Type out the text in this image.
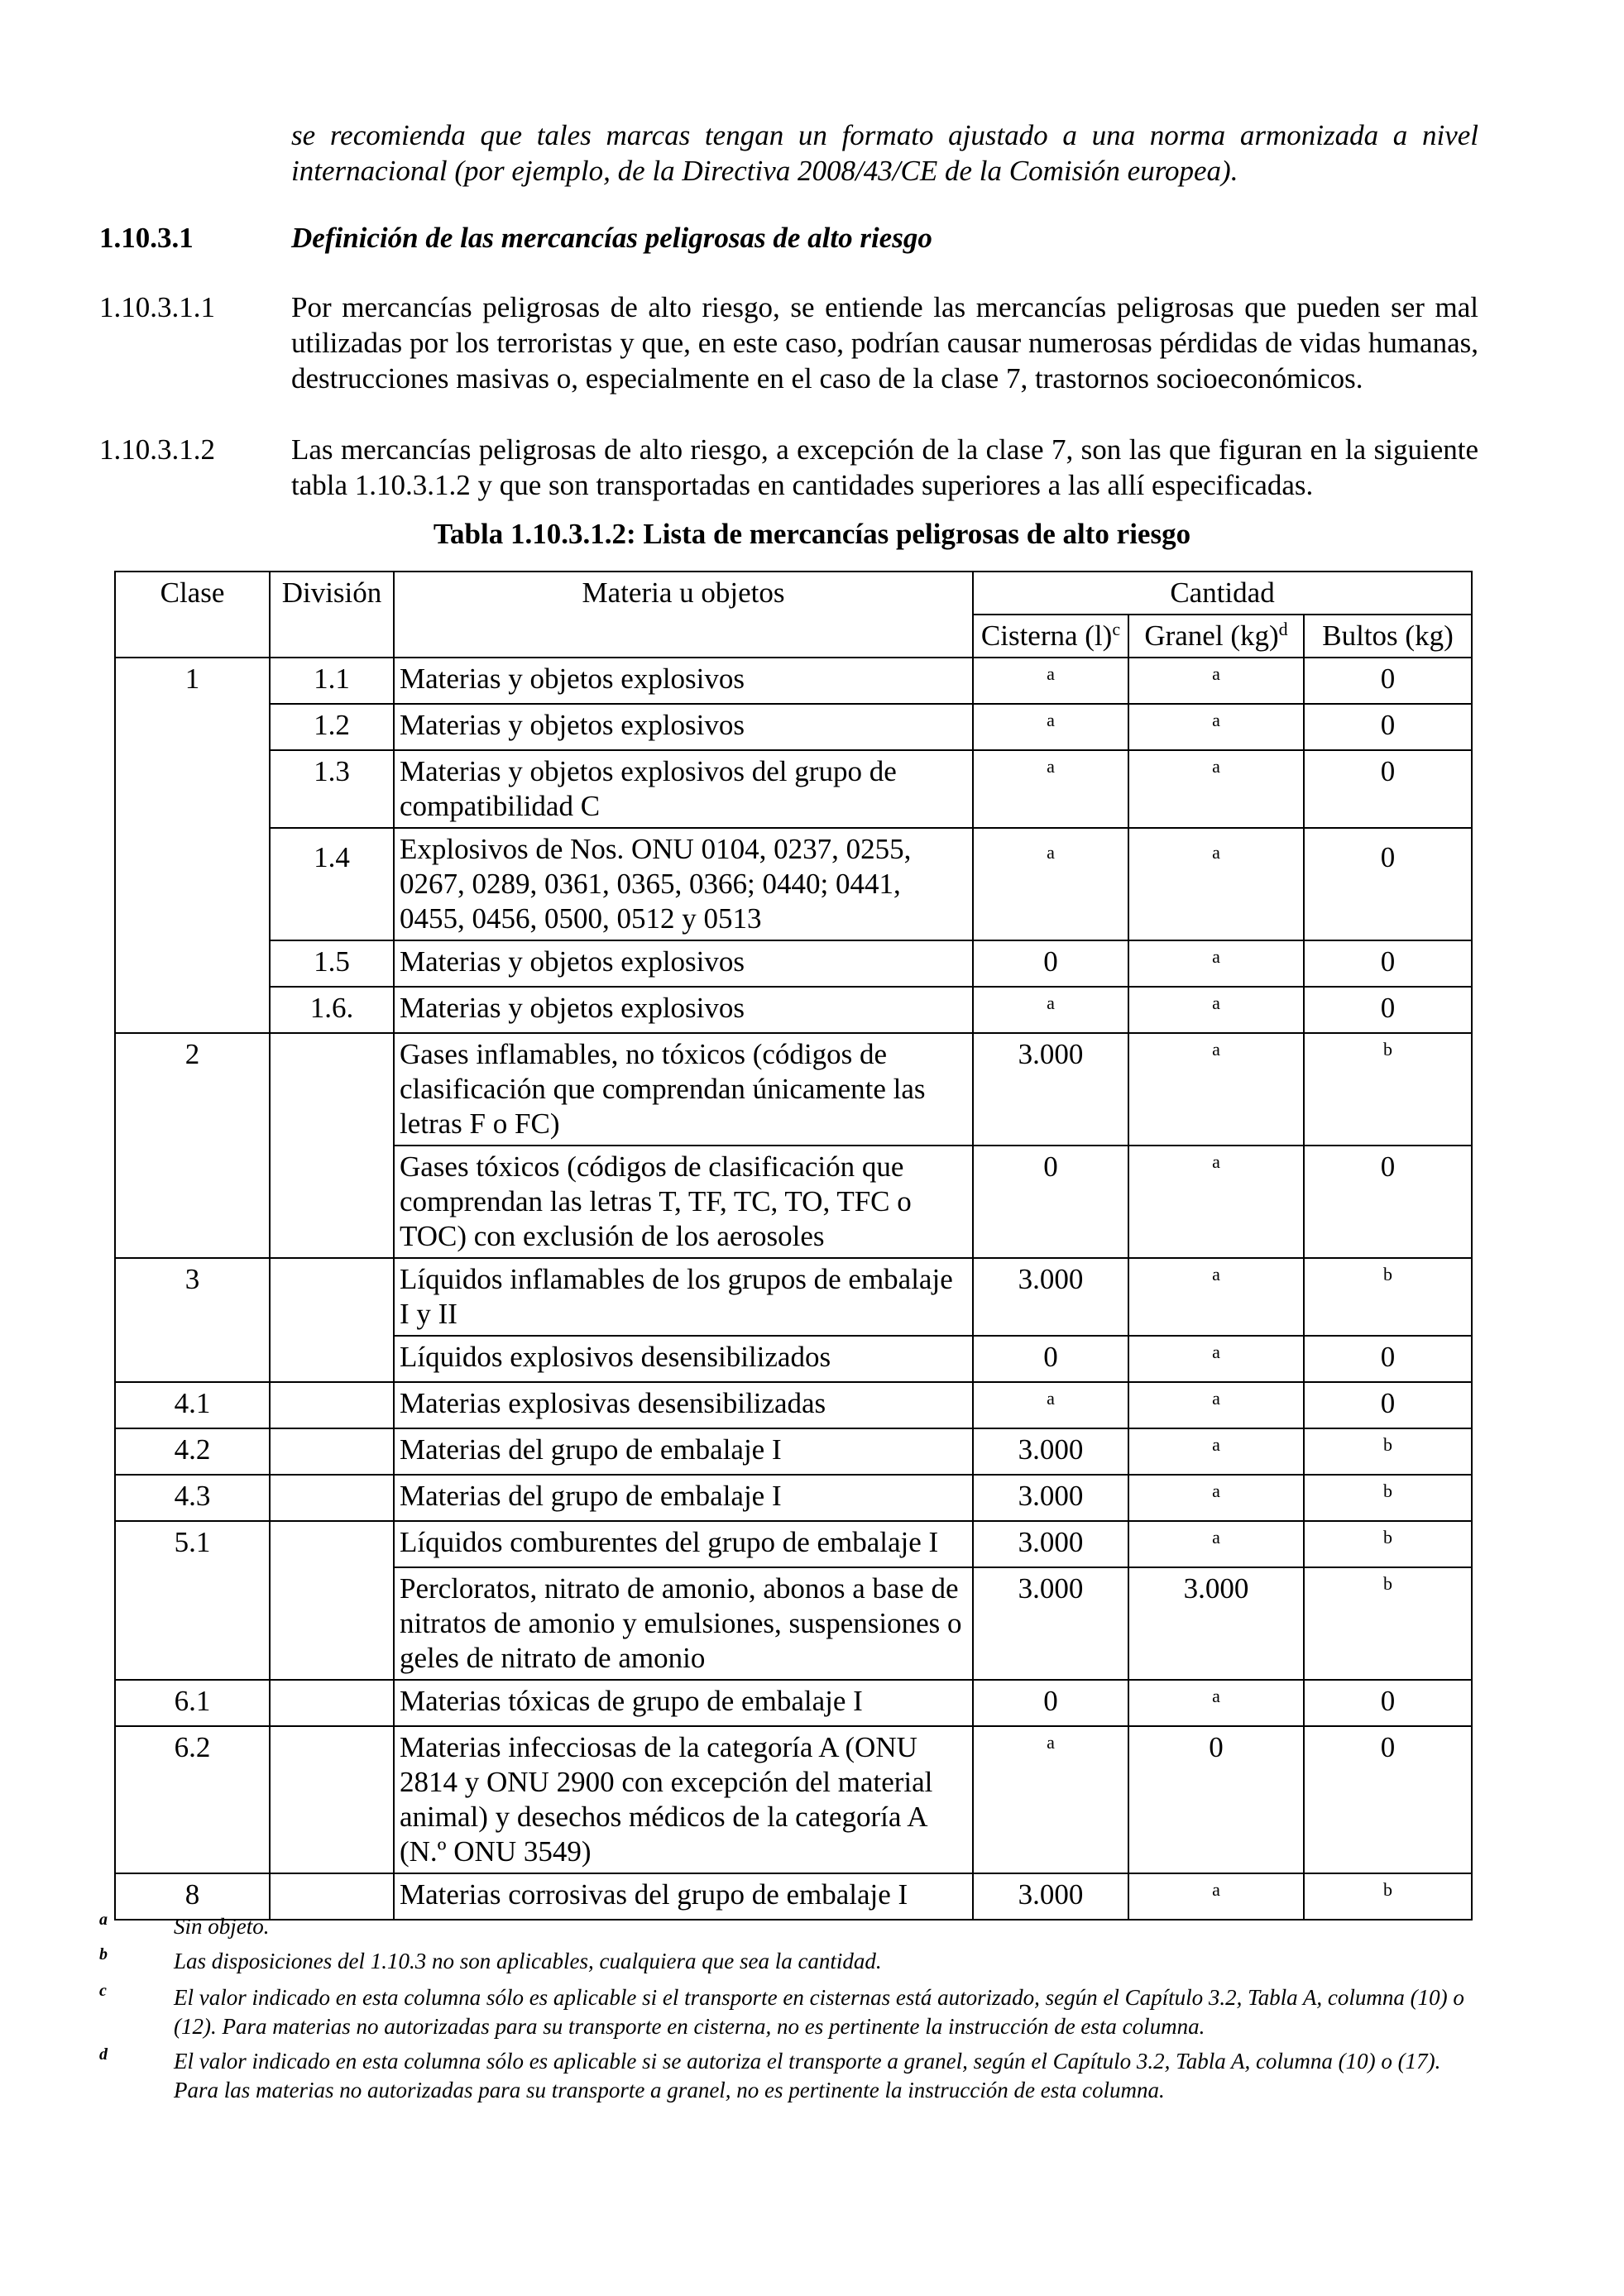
se recomienda que tales marcas tengan un formato ajustado a una norma armonizada a nivel internacional (por ejemplo, de la Directiva 2008/43/CE de la Comisión europea).
1.10.3.1	Definición de las mercancías peligrosas de alto riesgo
1.10.3.1.1	Por mercancías peligrosas de alto riesgo, se entiende las mercancías peligrosas que pueden ser mal utilizadas por los terroristas y que, en este caso, podrían causar numerosas pérdidas de vidas humanas, destrucciones masivas o, especialmente en el caso de la clase 7, trastornos socioeconómicos.
1.10.3.1.2	Las mercancías peligrosas de alto riesgo, a excepción de la clase 7, son las que figuran en la siguiente tabla 1.10.3.1.2 y que son transportadas en cantidades superiores a las allí especificadas.
Tabla 1.10.3.1.2: Lista de mercancías peligrosas de alto riesgo
Clase	División	Materia u objetos	Cantidad		
			Cisterna $(l)^c$	Granel (kg)$^d$	Bultos (kg)
1	1.1	Materias y objetos explosivos	a	a	0
	1.2	Materias y objetos explosivos	a	a	0
	1.3	Materias y objetos explosivos del grupo de compatibilidad C	a	a	0
	1.4	Explosivos de Nos. ONU 0104, 0237, 0255, 0267, 0289, 0361, 0365, 0366; 0440; 0441, 0455, 0456, 0500, 0512 y 0513	a	a	0
	1.5	Materias y objetos explosivos	0	a	0
	1.6.	Materias y objetos explosivos	a	a	0
2		Gases inflamables, no tóxicos (códigos de clasificación que comprendan únicamente las letras F o FC)	3.000	a	b
		Gases tóxicos (códigos de clasificación que comprendan las letras T, TF, TC, TO, TFC o TOC) con exclusión de los aerosoles	0	a	0
3		Líquidos inflamables de los grupos de embalaje I y II	3.000	a	b
		Líquidos explosivos desensibilizados	0	a	0
4.1		Materias explosivas desensibilizadas	a	a	0
4.2		Materias del grupo de embalaje I	3.000	a	b
4.3		Materias del grupo de embalaje I	3.000	a	b
5.1		Líquidos comburentes del grupo de embalaje I	3.000	a	b
		Percloratos, nitrato de amonio, abonos a base de nitratos de amonio y emulsiones, suspensiones o geles de nitrato de amonio	3.000	3.000	b
6.1		Materias tóxicas de grupo de embalaje I	0	a	0
6.2		Materias infecciosas de la categoría A (ONU 2814 y ONU 2900 con excepción del material animal) y desechos médicos de la categoría A (N.º ONU 3549)	a	0	0
8		Materias corrosivas del grupo de embalaje I	3.000	a	b
a	Sin objeto.
b	Las disposiciones del 1.10.3 no son aplicables, cualquiera que sea la cantidad.
c	El valor indicado en esta columna sólo es aplicable si el transporte en cisternas está autorizado, según el Capítulo 3.2, Tabla A, columna (10) o (12). Para materias no autorizadas para su transporte en cisterna, no es pertinente la instrucción de esta columna.
d	El valor indicado en esta columna sólo es aplicable si se autoriza el transporte a granel, según el Capítulo 3.2, Tabla A, columna (10) o (17). Para las materias no autorizadas para su transporte a granel, no es pertinente la instrucción de esta columna.
